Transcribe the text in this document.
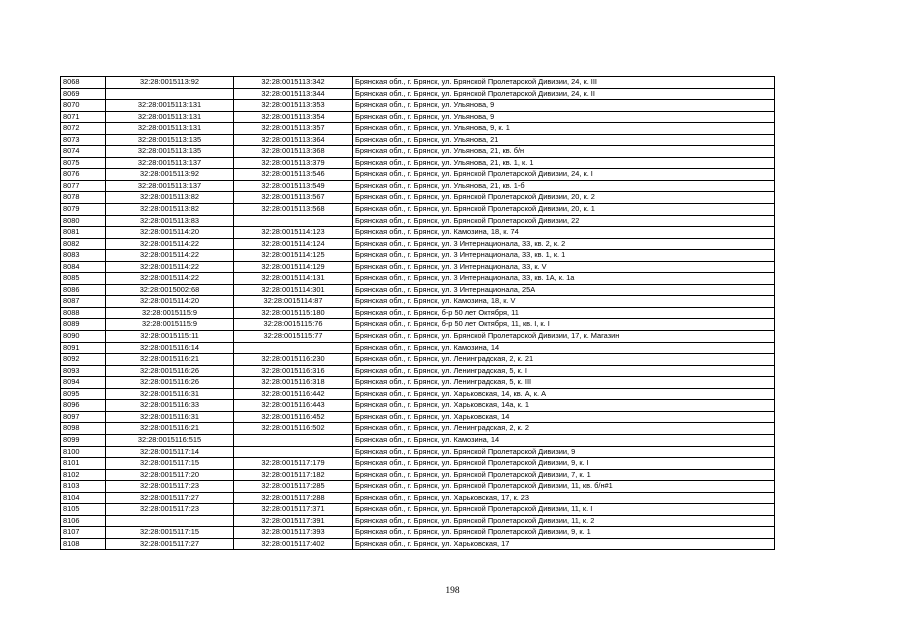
8068	32:28:0015113:92	32:28:0015113:342	Брянская обл., г. Брянск, ул. Брянской Пролетарской Дивизии, 24, к. III
8069		32:28:0015113:344	Брянская обл., г. Брянск, ул. Брянской Пролетарской Дивизии, 24, к. II
8070	32:28:0015113:131	32:28:0015113:353	Брянская обл., г. Брянск, ул. Ульянова, 9
8071	32:28:0015113:131	32:28:0015113:354	Брянская обл., г. Брянск, ул. Ульянова, 9
8072	32:28:0015113:131	32:28:0015113:357	Брянская обл., г. Брянск, ул. Ульянова, 9, к. 1
8073	32:28:0015113:135	32:28:0015113:364	Брянская обл., г. Брянск, ул. Ульянова, 21
8074	32:28:0015113:135	32:28:0015113:368	Брянская обл., г. Брянск, ул. Ульянова, 21, кв. б/н
8075	32:28:0015113:137	32:28:0015113:379	Брянская обл., г. Брянск, ул. Ульянова, 21, кв. 1, к. 1
8076	32:28:0015113:92	32:28:0015113:546	Брянская обл., г. Брянск, ул. Брянской Пролетарской Дивизии, 24, к. I
8077	32:28:0015113:137	32:28:0015113:549	Брянская обл., г. Брянск, ул. Ульянова, 21, кв. 1-б
8078	32:28:0015113:82	32:28:0015113:567	Брянская обл., г. Брянск, ул. Брянской Пролетарской Дивизии, 20, к. 2
8079	32:28:0015113:82	32:28:0015113:568	Брянская обл., г. Брянск, ул. Брянской Пролетарской Дивизии, 20, к. 1
8080	32:28:0015113:83		Брянская обл., г. Брянск, ул. Брянской Пролетарской Дивизии, 22
8081	32:28:0015114:20	32:28:0015114:123	Брянская обл., г. Брянск, ул. Камозина, 18, к. 74
8082	32:28:0015114:22	32:28:0015114:124	Брянская обл., г. Брянск, ул. 3 Интернационала, 33, кв. 2, к. 2
8083	32:28:0015114:22	32:28:0015114:125	Брянская обл., г. Брянск, ул. 3 Интернационала, 33, кв. 1, к. 1
8084	32:28:0015114:22	32:28:0015114:129	Брянская обл., г. Брянск, ул. 3 Интернационала, 33, к. V
8085	32:28:0015114:22	32:28:0015114:131	Брянская обл., г. Брянск, ул. 3 Интернационала, 33, кв. 1А, к. 1а
8086	32:28:0015002:68	32:28:0015114:301	Брянская обл., г. Брянск, ул. 3 Интернационала, 25А
8087	32:28:0015114:20	32:28:0015114:87	Брянская обл., г. Брянск, ул. Камозина, 18, к. V
8088	32:28:0015115:9	32:28:0015115:180	Брянская обл., г. Брянск, б-р 50 лет Октября, 11
8089	32:28:0015115:9	32:28:0015115:76	Брянская обл., г. Брянск, б-р 50 лет Октября, 11, кв. I, к. I
8090	32:28:0015115:11	32:28:0015115:77	Брянская обл., г. Брянск, ул. Брянской Пролетарской Дивизии, 17, к. Магазин
8091	32:28:0015116:14		Брянская обл., г. Брянск, ул. Камозина, 14
8092	32:28:0015116:21	32:28:0015116:230	Брянская обл., г. Брянск, ул. Ленинградская, 2, к. 21
8093	32:28:0015116:26	32:28:0015116:316	Брянская обл., г. Брянск, ул. Ленинградская, 5, к. I
8094	32:28:0015116:26	32:28:0015116:318	Брянская обл., г. Брянск, ул. Ленинградская, 5, к. III
8095	32:28:0015116:31	32:28:0015116:442	Брянская обл., г. Брянск, ул. Харьковская, 14, кв. А, к. А
8096	32:28:0015116:33	32:28:0015116:443	Брянская обл., г. Брянск, ул. Харьковская, 14а, к. 1
8097	32:28:0015116:31	32:28:0015116:452	Брянская обл., г. Брянск, ул. Харьковская, 14
8098	32:28:0015116:21	32:28:0015116:502	Брянская обл., г. Брянск, ул. Ленинградская, 2, к. 2
8099	32:28:0015116:515		Брянская обл., г. Брянск, ул. Камозина, 14
8100	32:28:0015117:14		Брянская обл., г. Брянск, ул. Брянской Пролетарской Дивизии, 9
8101	32:28:0015117:15	32:28:0015117:179	Брянская обл., г. Брянск, ул. Брянской Пролетарской Дивизии, 9, к. I
8102	32:28:0015117:20	32:28:0015117:182	Брянская обл., г. Брянск, ул. Брянской Пролетарской Дивизии, 7, к. 1
8103	32:28:0015117:23	32:28:0015117:285	Брянская обл., г. Брянск, ул. Брянской Пролетарской Дивизии, 11, кв. б/н#1
8104	32:28:0015117:27	32:28:0015117:288	Брянская обл., г. Брянск, ул. Харьковская, 17, к. 23
8105	32:28:0015117:23	32:28:0015117:371	Брянская обл., г. Брянск, ул. Брянской Пролетарской Дивизии, 11, к. I
8106		32:28:0015117:391	Брянская обл., г. Брянск, ул. Брянской Пролетарской Дивизии, 11, к. 2
8107	32:28:0015117:15	32:28:0015117:393	Брянская обл., г. Брянск, ул. Брянской Пролетарской Дивизии, 9, к. 1
8108	32:28:0015117:27	32:28:0015117:402	Брянская обл., г. Брянск, ул. Харьковская, 17
198
